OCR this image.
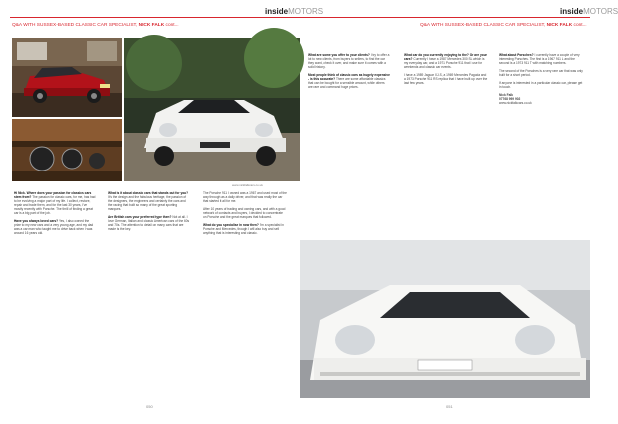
insideMOTORS
Q&A WITH SUSSEX-BASED CLASSIC CAR SPECIALIST, NICK FALK cont...
www.nickfalkcars.co.uk

Hi Nick. Where does your passion for classics cars stem from? The passion for classic cars, for me, has had to be evolving a major part of my life. I collect, restore, repair and trade them, and for the last 30 years, I've mostly recently with Porsche. The thrill of finding a great car is a big part of the job.

Have you always loved cars? Yes, I also owned the prize to my new cars and a very young age, and my dad was a car man who taught me to drive back when I was around 16 years old.

What is it about classic cars that stands out for you? It's the design and the fabulous heritage, the passion of the designers, the engineers and certainly the cars and the racing that built so many of the great sporting marques.

Are British cars your preferred type then? Not at all. I love German, Italian and classic American cars of the 60s and 70s. The attention to detail on many cars that are made is the key.

The Porsche 911 I owned was a 1967 and used most of the way through as a daily driver, and that was really the car that started it all for me.

After 10 years of trading and owning cars, and with a good network of contacts and buyers, I decided to concentrate on Porsche and the great marques that followed.

What do you specialise in now then? I'm a specialist in Porsche and Mercedes, though I will also buy and sell anything that is interesting and classic.

050
insideMOTORS
Q&A WITH SUSSEX-BASED CLASSIC CAR SPECIALIST, NICK FALK cont...

What are some you offer to your clients? I try to offer a lot to new clients, from buyers to sellers, to find the car they want, check it over, and make sure it comes with a solid history.

Most people think of classic cars as hugely expensive - is this accurate? There are some affordable classics that can be bought for a sensible amount, while others are rare and command huge prices.

What car do you currently enjoying to the? Or are your cars? Currently I have a 1987 Mercedes 300 SL which is my everyday car, and a 1971 Porsche 911 that I use for weekends and classic car events.

I have a 1989 Jaguar XJ-S, a 1969 Mercedes Pagoda and a 1973 Porsche 911 RS replica that I have built up over the last few years.

What about Porsches? I currently have a couple of very interesting Porsches. The first is a 1967 911 L and the second is a 1973 911 T with matching numbers.

The second of the Porsches is a very rare car that was only built for a short period.

If anyone is interested in a particular classic car, please get in touch.

Nick Falk

07768 999 902

www.nickfalkcars.co.uk

051
